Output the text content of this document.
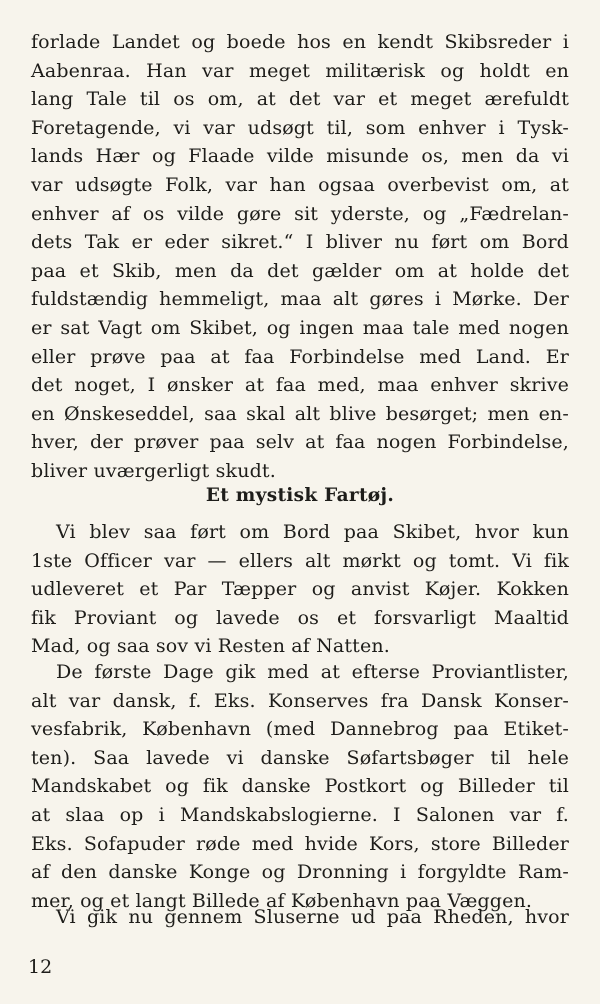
forlade Landet og boede hos en kendt Skibsreder i
Aabenraa. Han var meget militærisk og holdt en
lang Tale til os om, at det var et meget ærefuldt
Foretagende, vi var udsøgt til, som enhver i Tysk-
lands Hær og Flaade vilde misunde os, men da vi
var udsøgte Folk, var han ogsaa overbevist om, at
enhver af os vilde gøre sit yderste, og „Fædrelan-
dets Tak er eder sikret.“ I bliver nu ført om Bord
paa et Skib, men da det gælder om at holde det
fuldstændig hemmeligt, maa alt gøres i Mørke. Der
er sat Vagt om Skibet, og ingen maa tale med nogen
eller prøve paa at faa Forbindelse med Land. Er
det noget, I ønsker at faa med, maa enhver skrive
en Ønskeseddel, saa skal alt blive besørget; men en-
hver, der prøver paa selv at faa nogen Forbindelse,
bliver uværgerligt skudt.
Et mystisk Fartøj.
Vi blev saa ført om Bord paa Skibet, hvor kun
1ste Officer var — ellers alt mørkt og tomt. Vi fik
udleveret et Par Tæpper og anvist Køjer. Kokken
fik Proviant og lavede os et forsvarligt Maaltid
Mad, og saa sov vi Resten af Natten.
De første Dage gik med at efterse Proviantlister,
alt var dansk, f. Eks. Konserves fra Dansk Konser-
vesfabrik, København (med Dannebrog paa Etiket-
ten). Saa lavede vi danske Søfartsbøger til hele
Mandskabet og fik danske Postkort og Billeder til
at slaa op i Mandskabslogierne. I Salonen var f.
Eks. Sofapuder røde med hvide Kors, store Billeder
af den danske Konge og Dronning i forgyldte Ram-
mer, og et langt Billede af København paa Væggen.
Vi gik nu gennem Sluserne ud paa Rheden, hvor
12
